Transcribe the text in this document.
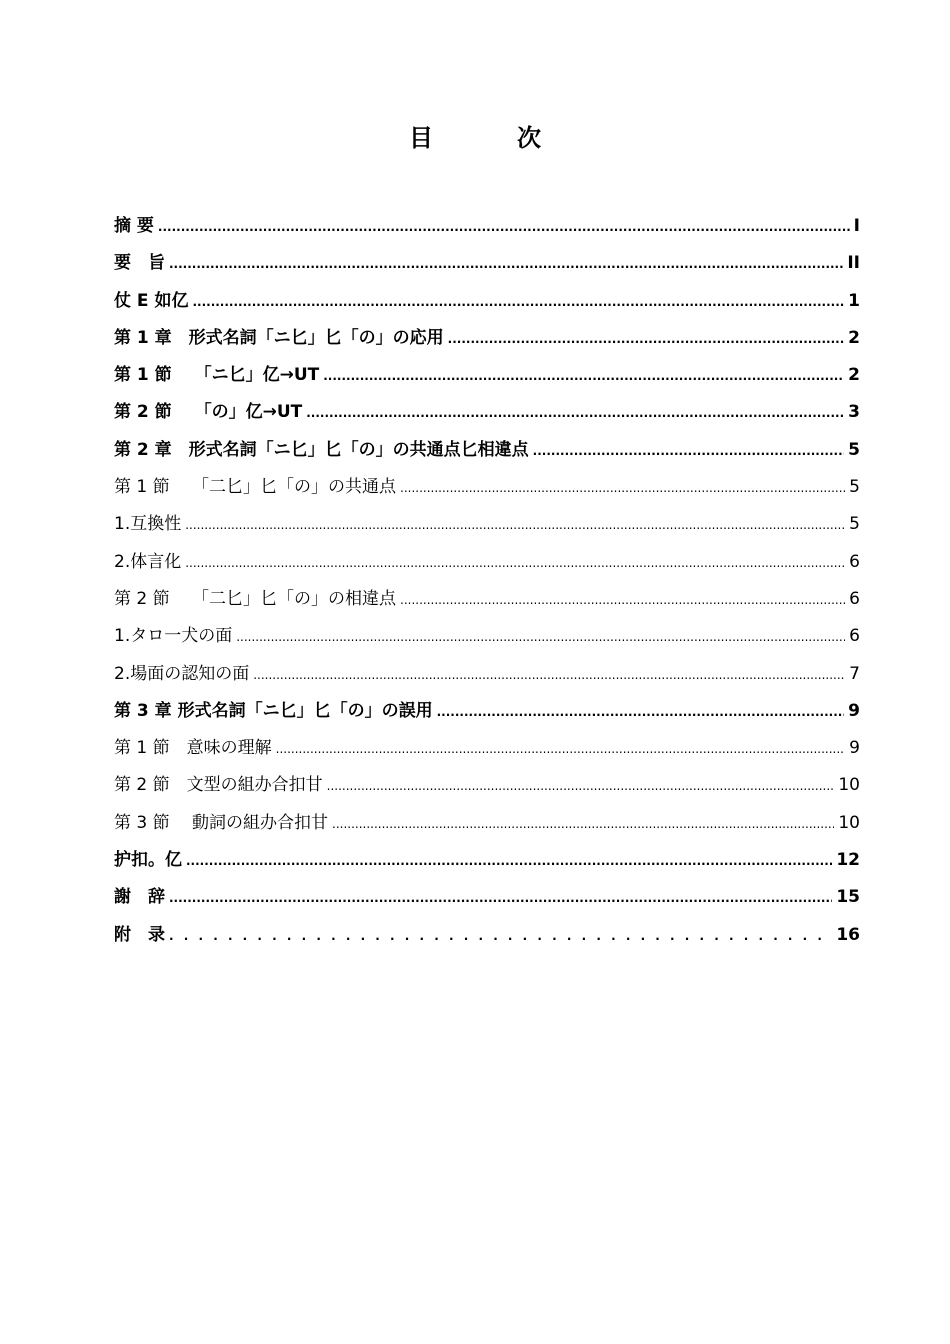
目　次
摘 要 .....	I
要　旨 .....	II
仗 E 如亿 .....	1
第 1 章　形式名詞「ニ匕」匕「の」の応用 .....	2
第 1 節　 「ニ匕」亿→UT .....	2
第 2 節　 「の」亿→UT .....	3
第 2 章　形式名詞「ニ匕」匕「の」の共通点匕相違点 .....	5
第 1 節　 「二匕」匕「の」の共通点 .....	5
1.互換性 .....	5
2.体言化 .....	6
第 2 節　 「二匕」匕「の」の相違点 .....	6
1.タロ一犬の面 .....	6
2.場面の認知の面 .....	7
第 3 章 形式名詞「ニ匕」匕「の」の誤用 .....	9
第 1 節　意味の理解 .....	9
第 2 節　文型の組办合扣甘 .....	10
第 3 節　 動詞の組办合扣甘 .....	10
护扣。亿 .....	12
謝　辞 .....	15
附　录 . . .	16
